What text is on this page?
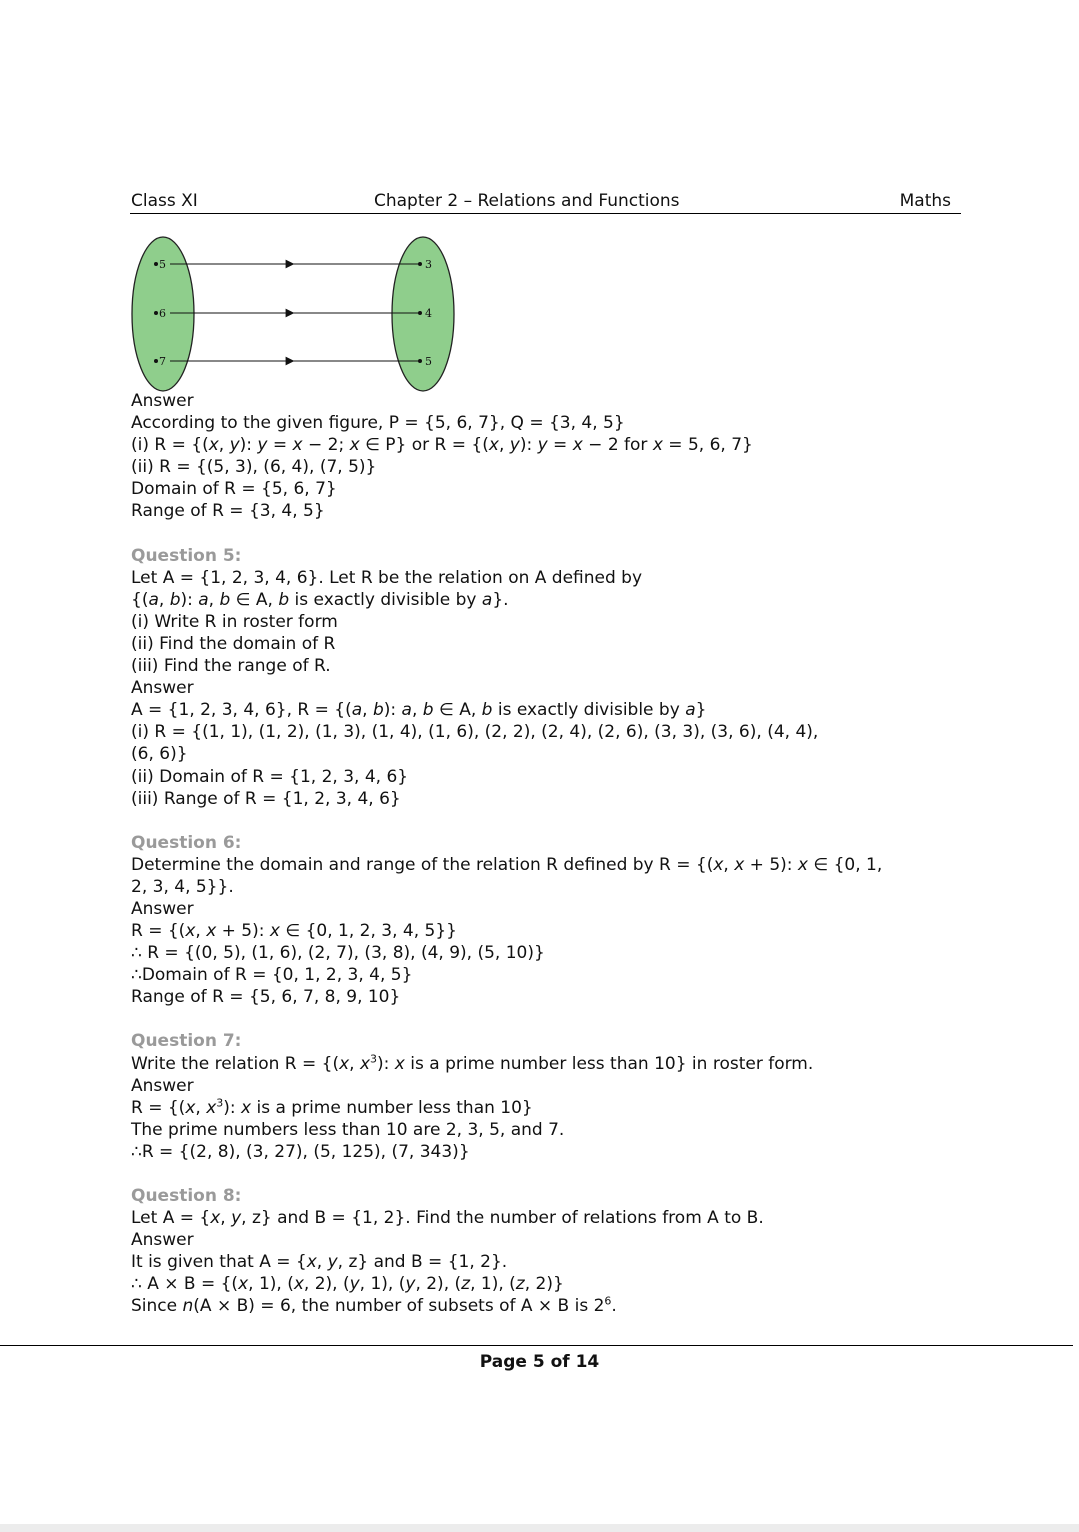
Class XI	Chapter 2 – Relations and Functions	Maths
5
6
7
3
4
5
Answer
According to the given figure, P = {5, 6, 7}, Q = {3, 4, 5}
(i) R = {(x, y): y = x − 2; x ∈ P} or R = {(x, y): y = x − 2 for x = 5, 6, 7}
(ii) R = {(5, 3), (6, 4), (7, 5)}
Domain of R = {5, 6, 7}
Range of R = {3, 4, 5}
Question 5:
Let A = {1, 2, 3, 4, 6}. Let R be the relation on A defined by
{(a, b): a, b ∈ A, b is exactly divisible by a}.
(i) Write R in roster form
(ii) Find the domain of R
(iii) Find the range of R.
Answer
A = {1, 2, 3, 4, 6}, R = {(a, b): a, b ∈ A, b is exactly divisible by a}
(i) R = {(1, 1), (1, 2), (1, 3), (1, 4), (1, 6), (2, 2), (2, 4), (2, 6), (3, 3), (3, 6), (4, 4),
(6, 6)}
(ii) Domain of R = {1, 2, 3, 4, 6}
(iii) Range of R = {1, 2, 3, 4, 6}
Question 6:
Determine the domain and range of the relation R defined by R = {(x, x + 5): x ∈ {0, 1,
2, 3, 4, 5}}.
Answer
R = {(x, x + 5): x ∈ {0, 1, 2, 3, 4, 5}}
∴ R = {(0, 5), (1, 6), (2, 7), (3, 8), (4, 9), (5, 10)}
∴Domain of R = {0, 1, 2, 3, 4, 5}
Range of R = {5, 6, 7, 8, 9, 10}
Question 7:
Write the relation R = {(x, $x^3$): x is a prime number less than 10} in roster form.
Answer
R = {(x, $x^3$): x is a prime number less than 10}
The prime numbers less than 10 are 2, 3, 5, and 7.
∴R = {(2, 8), (3, 27), (5, 125), (7, 343)}
Question 8:
Let A = {x, y, z} and B = {1, 2}. Find the number of relations from A to B.
Answer
It is given that A = {x, y, z} and B = {1, 2}.
∴ A × B = {(x, 1), (x, 2), (y, 1), (y, 2), (z, 1), (z, 2)}
Since n(A × B) = 6, the number of subsets of A × B is $2^6$.
Page 5 of 14
